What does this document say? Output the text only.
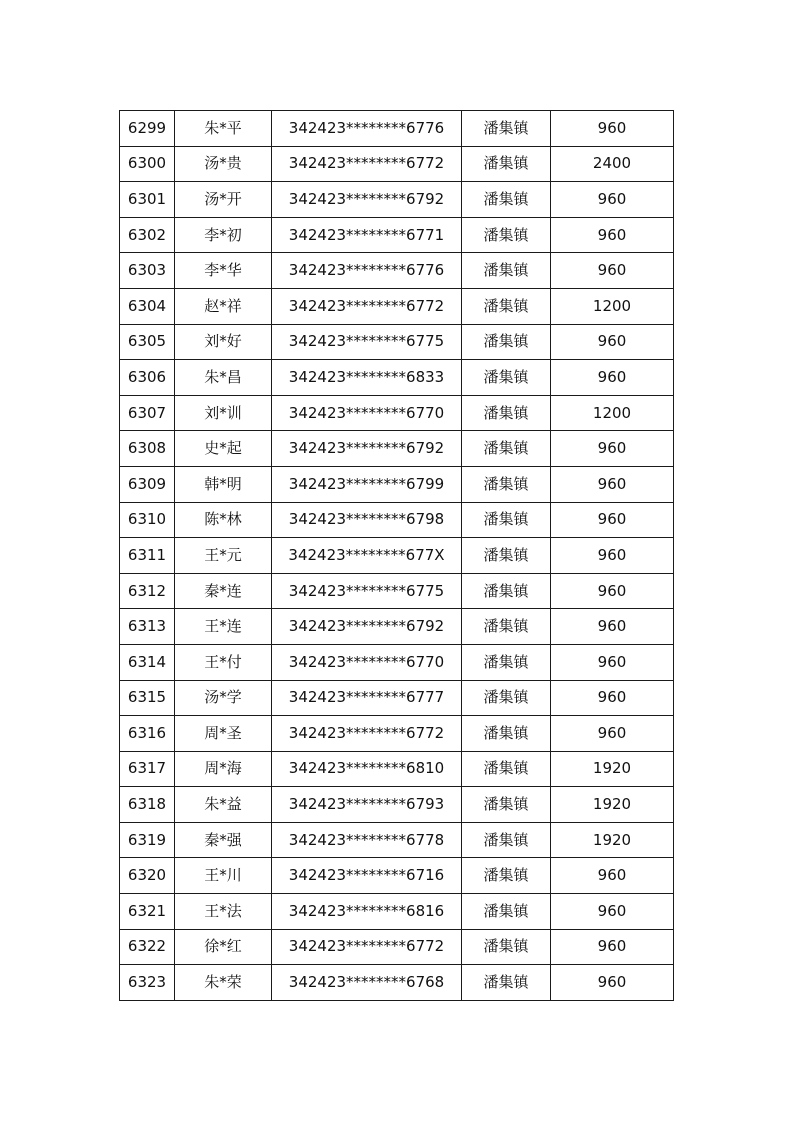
6299	朱*平	342423********6776	潘集镇	960
6300	汤*贵	342423********6772	潘集镇	2400
6301	汤*开	342423********6792	潘集镇	960
6302	李*初	342423********6771	潘集镇	960
6303	李*华	342423********6776	潘集镇	960
6304	赵*祥	342423********6772	潘集镇	1200
6305	刘*好	342423********6775	潘集镇	960
6306	朱*昌	342423********6833	潘集镇	960
6307	刘*训	342423********6770	潘集镇	1200
6308	史*起	342423********6792	潘集镇	960
6309	韩*明	342423********6799	潘集镇	960
6310	陈*林	342423********6798	潘集镇	960
6311	王*元	342423********677X	潘集镇	960
6312	秦*连	342423********6775	潘集镇	960
6313	王*连	342423********6792	潘集镇	960
6314	王*付	342423********6770	潘集镇	960
6315	汤*学	342423********6777	潘集镇	960
6316	周*圣	342423********6772	潘集镇	960
6317	周*海	342423********6810	潘集镇	1920
6318	朱*益	342423********6793	潘集镇	1920
6319	秦*强	342423********6778	潘集镇	1920
6320	王*川	342423********6716	潘集镇	960
6321	王*法	342423********6816	潘集镇	960
6322	徐*红	342423********6772	潘集镇	960
6323	朱*荣	342423********6768	潘集镇	960
